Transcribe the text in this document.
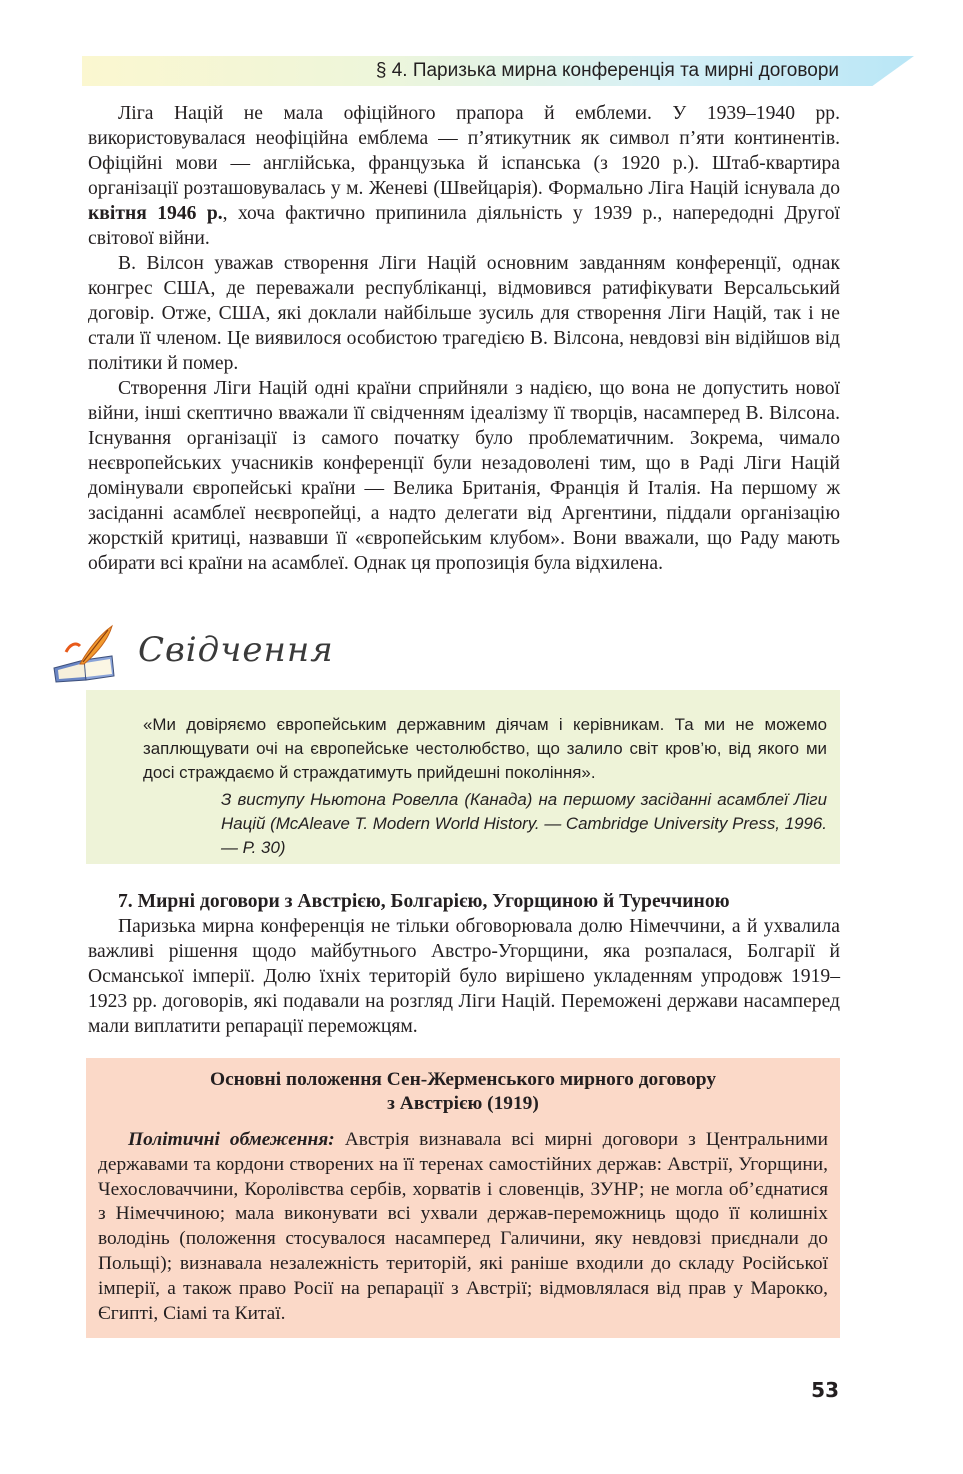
§ 4. Паризька мирна конференція та мирні договори

Ліга Націй не мала офіційного прапора й емблеми. У 1939–1940 рр. використовувалася неофіційна емблема — п’ятикутник як символ п’яти континентів. Офіційні мови — англійська, французька й іспанська (з 1920 р.). Штаб-квартира організації розташовувалась у м. Женеві (Швейцарія). Формально Ліга Націй існувала до квітня 1946 р., хоча фактично припинила діяльність у 1939 р., напередодні Другої світової війни.

В. Вілсон уважав створення Ліги Націй основним завданням конференції, однак конгрес США, де переважали республіканці, відмовився ратифікувати Версальський договір. Отже, США, які доклали найбільше зусиль для створення Ліги Націй, так і не стали її членом. Це виявилося особистою трагедією В. Вілсона, невдовзі він відійшов від політики й помер.

Створення Ліги Націй одні країни сприйняли з надією, що вона не допустить нової війни, інші скептично вважали її свідченням ідеалізму її творців, насамперед В. Вілсона. Існування організації із самого початку було проблематичним. Зокрема, чимало неєвропейських учасників конференції були незадоволені тим, що в Раді Ліги Націй домінували європейські країни — Велика Британія, Франція й Італія. На першому ж засіданні асамблеї неєвропейці, а надто делегати від Аргентини, піддали організацію жорсткій критиці, назвавши її «європейським клубом». Вони вважали, що Раду мають обирати всі країни на асамблеї. Однак ця пропозиція була відхилена.

Свідчення

«Ми довіряємо європейським державним діячам і керівникам. Та ми не можемо заплющувати очі на європейське честолюбство, що залило світ кров’ю, від якого ми досі страждаємо й страждатимуть прийдешні покоління».

З виступу Ньютона Ровелла (Канада) на першому засіданні асамблеї Ліги Націй (McAleave T. Modern World History. — Cambridge University Press, 1996. — P. 30)

7. Мирні договори з Австрією, Болгарією, Угорщиною й Туреччиною

Паризька мирна конференція не тільки обговорювала долю Німеччини, а й ухвалила важливі рішення щодо майбутнього Австро-Угорщини, яка розпалася, Болгарії й Османської імперії. Долю їхніх територій було вирішено укладенням упродовж 1919–1923 рр. договорів, які подавали на розгляд Ліги Націй. Переможені держави насамперед мали виплатити репарації переможцям.

Основні положення Сен-Жерменського мирного договору
з Австрією (1919)

Політичні обмеження: Австрія визнавала всі мирні договори з Центральними державами та кордони створених на її теренах самостійних держав: Австрії, Угорщини, Чехословаччини, Королівства сербів, хорватів і словенців, ЗУНР; не могла об’єднатися з Німеччиною; мала виконувати всі ухвали держав-переможниць щодо її колишніх володінь (положення стосувалося насамперед Галичини, яку невдовзі приєднали до Польщі); визнавала незалежність територій, які раніше входили до складу Російської імперії, а також право Росії на репарації з Австрії; відмовлялася від прав у Марокко, Єгипті, Сіамі та Китаї.

53
